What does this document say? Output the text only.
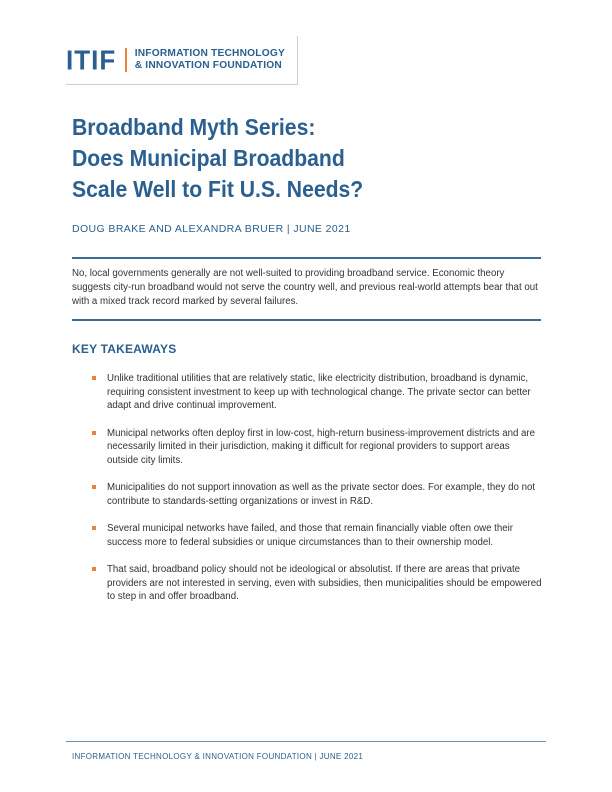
ITIF INFORMATION TECHNOLOGY
& INNOVATION FOUNDATION
Broadband Myth Series:
Does Municipal Broadband
Scale Well to Fit U.S. Needs?
DOUG BRAKE AND ALEXANDRA BRUER | JUNE 2021
No, local governments generally are not well-suited to providing broadband service. Economic theory suggests city-run broadband would not serve the country well, and previous real-world attempts bear that out with a mixed track record marked by several failures.
KEY TAKEAWAYS
Unlike traditional utilities that are relatively static, like electricity distribution, broadband is dynamic, requiring consistent investment to keep up with technological change. The private sector can better adapt and drive continual improvement.
Municipal networks often deploy first in low-cost, high-return business-improvement districts and are necessarily limited in their jurisdiction, making it difficult for regional providers to support areas outside city limits.
Municipalities do not support innovation as well as the private sector does. For example, they do not contribute to standards-setting organizations or invest in R&D.
Several municipal networks have failed, and those that remain financially viable often owe their success more to federal subsidies or unique circumstances than to their ownership model.
That said, broadband policy should not be ideological or absolutist. If there are areas that private providers are not interested in serving, even with subsidies, then municipalities should be empowered to step in and offer broadband.
INFORMATION TECHNOLOGY & INNOVATION FOUNDATION | JUNE 2021
